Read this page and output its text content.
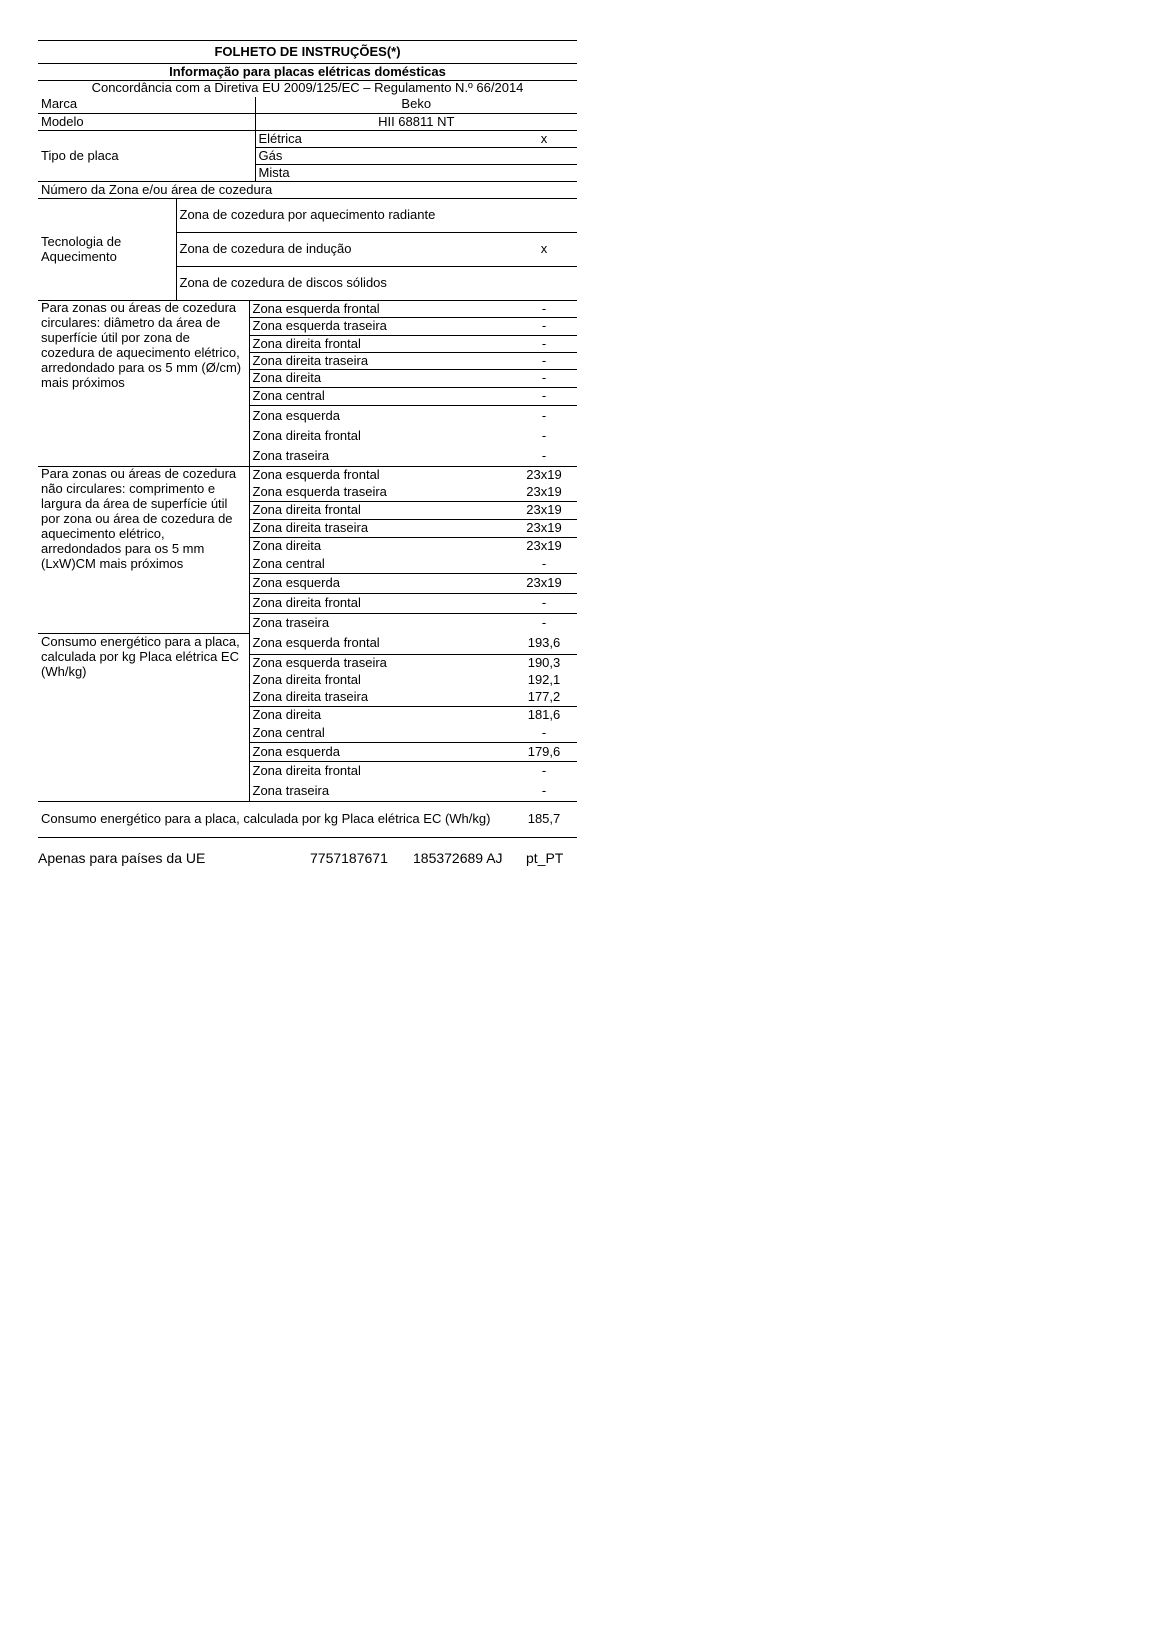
FOLHETO DE INSTRUÇÕES(*)				
Informação para placas elétricas domésticas				
Concordância com a Diretiva EU 2009/125/EC – Regulamento N.º 66/2014				
Marca			Beko	
Modelo			HII 68811 NT	
Tipo de placa			Elétrica	x
			Gás	
			Mista	
Número da Zona e/ou área de cozedura				
Tecnologia de Aquecimento	Zona de cozedura por aquecimento radiante			
	Zona de cozedura de indução			x
	Zona de cozedura de discos sólidos			
Para zonas ou áreas de cozedura circulares: diâmetro da área de superfície útil por zona de cozedura de aquecimento elétrico, arredondado para os 5 mm (Ø/cm) mais próximos		Zona esquerda frontal		-
		Zona esquerda traseira		-
		Zona direita frontal		-
		Zona direita traseira		-
		Zona direita		-
		Zona central		-
		Zona esquerda		-
		Zona direita frontal		-
		Zona traseira		-
Para zonas ou áreas de cozedura não circulares: comprimento e largura da área de superfície útil por zona ou área de cozedura de aquecimento elétrico, arredondados para os 5 mm (LxW)CM mais próximos		Zona esquerda frontal		23x19
		Zona esquerda traseira		23x19
		Zona direita frontal		23x19
		Zona direita traseira		23x19
		Zona direita		23x19
		Zona central		-
		Zona esquerda		23x19
		Zona direita frontal		-
		Zona traseira		-
Consumo energético para a placa, calculada por kg Placa elétrica EC (Wh/kg)		Zona esquerda frontal		193,6
		Zona esquerda traseira		190,3
		Zona direita frontal		192,1
		Zona direita traseira		177,2
		Zona direita		181,6
		Zona central		-
		Zona esquerda		179,6
		Zona direita frontal		-
		Zona traseira		-
Consumo energético para a placa, calculada por kg Placa elétrica EC (Wh/kg)				185,7
Apenas para países da UE	7757187671 185372689 AJ pt_PT
